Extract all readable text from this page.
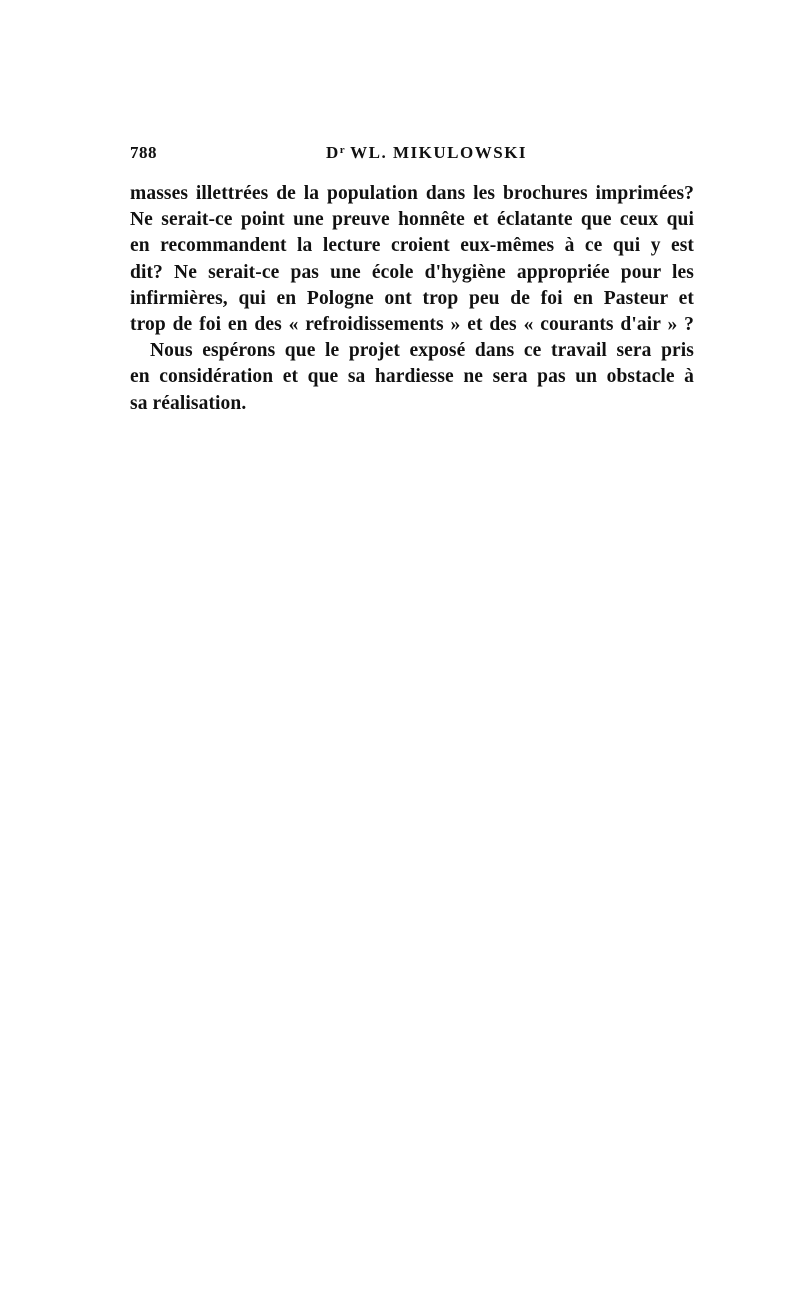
788	$D^r$ WL. MIKULOWSKI
masses illettrées de la population dans les brochures imprimées?
Ne serait-ce point une preuve honnête et éclatante que ceux qui
en recommandent la lecture croient eux-mêmes à ce qui y est
dit? Ne serait-ce pas une école d'hygiène appropriée pour les
infirmières, qui en Pologne ont trop peu de foi en Pasteur et
trop de foi en des « refroidissements » et des « courants d'air » ?
Nous espérons que le projet exposé dans ce travail sera pris
en considération et que sa hardiesse ne sera pas un obstacle à
sa réalisation.
